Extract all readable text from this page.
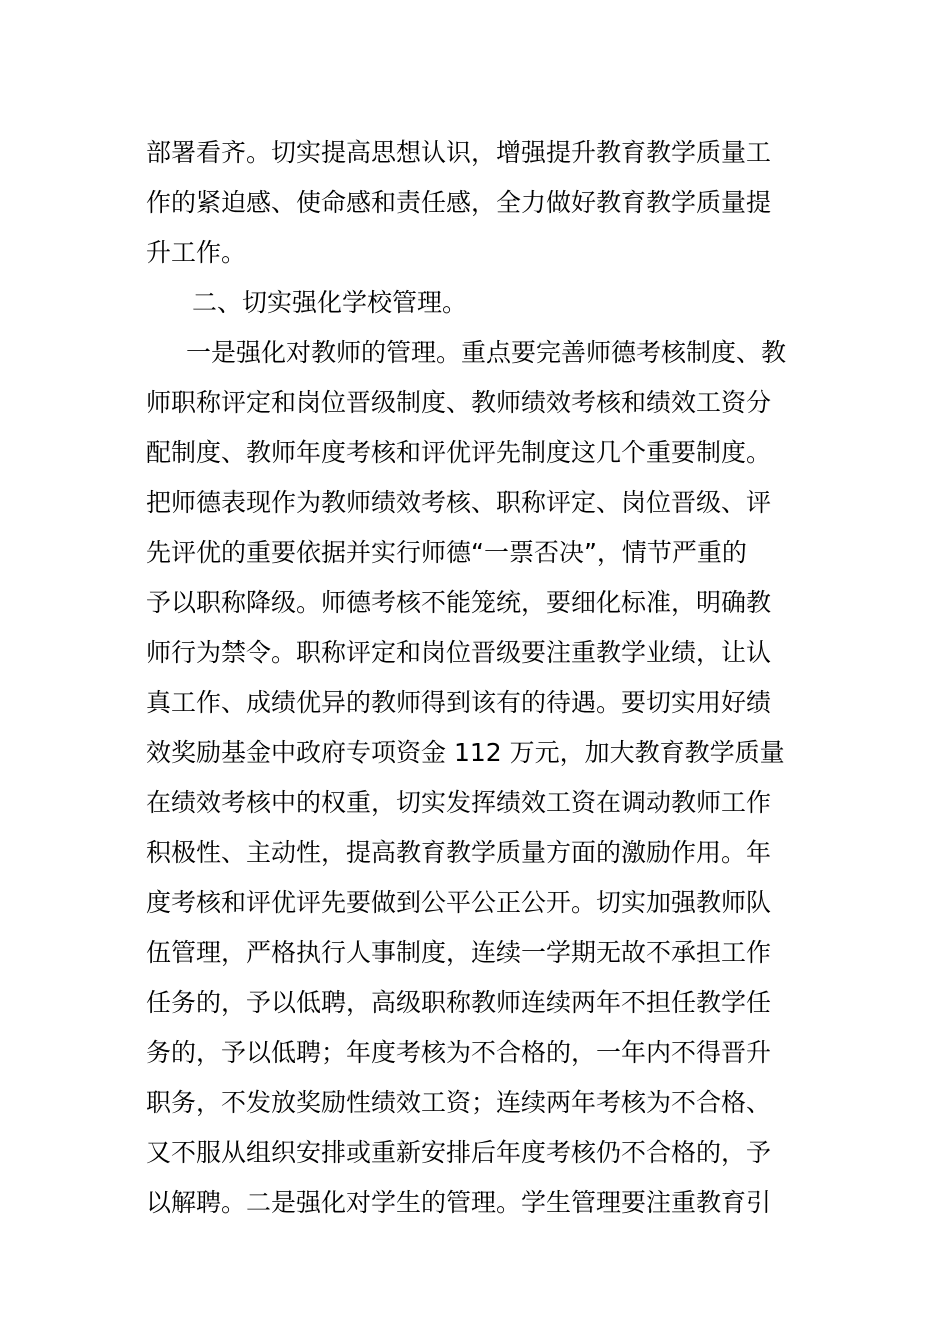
部署看齐。切实提高思想认识，增强提升教育教学质量工
作的紧迫感、使命感和责任感，全力做好教育教学质量提
升工作。
二、切实强化学校管理。
一是强化对教师的管理。重点要完善师德考核制度、教
师职称评定和岗位晋级制度、教师绩效考核和绩效工资分
配制度、教师年度考核和评优评先制度这几个重要制度。
把师德表现作为教师绩效考核、职称评定、岗位晋级、评
先评优的重要依据并实行师德“一票否决”，情节严重的
予以职称降级。师德考核不能笼统，要细化标准，明确教
师行为禁令。职称评定和岗位晋级要注重教学业绩，让认
真工作、成绩优异的教师得到该有的待遇。要切实用好绩
效奖励基金中政府专项资金 112 万元，加大教育教学质量
在绩效考核中的权重，切实发挥绩效工资在调动教师工作
积极性、主动性，提高教育教学质量方面的激励作用。年
度考核和评优评先要做到公平公正公开。切实加强教师队
伍管理，严格执行人事制度，连续一学期无故不承担工作
任务的，予以低聘，高级职称教师连续两年不担任教学任
务的，予以低聘；年度考核为不合格的，一年内不得晋升
职务，不发放奖励性绩效工资；连续两年考核为不合格、
又不服从组织安排或重新安排后年度考核仍不合格的，予
以解聘。二是强化对学生的管理。学生管理要注重教育引
